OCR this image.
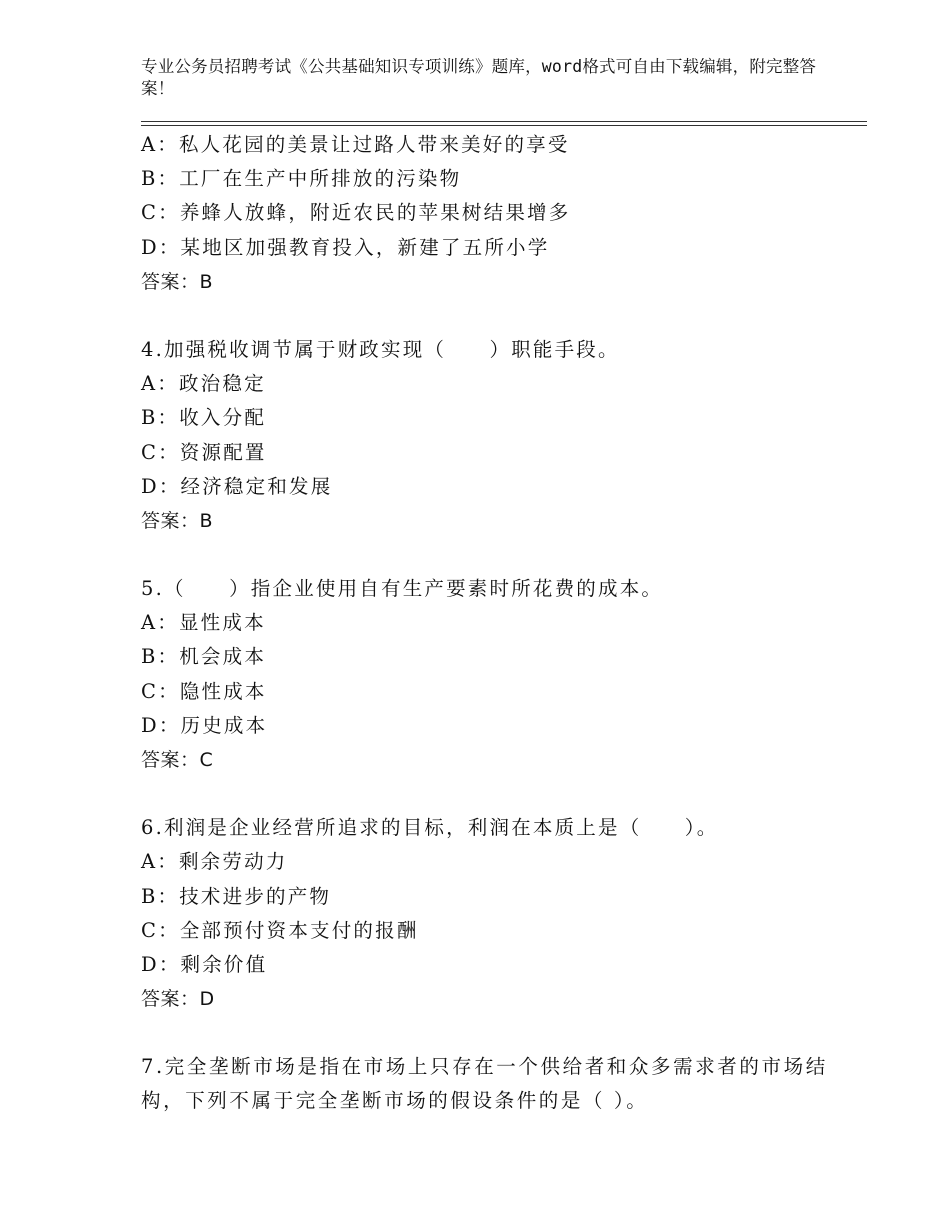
专业公务员招聘考试《公共基础知识专项训练》题库，word格式可自由下载编辑，附完整答案！
A：私人花园的美景让过路人带来美好的享受
B：工厂在生产中所排放的污染物
C：养蜂人放蜂，附近农民的苹果树结果增多
D：某地区加强教育投入，新建了五所小学
答案：B
4.加强税收调节属于财政实现（　　）职能手段。
A：政治稳定
B：收入分配
C：资源配置
D：经济稳定和发展
答案：B
5.（　　）指企业使用自有生产要素时所花费的成本。
A：显性成本
B：机会成本
C：隐性成本
D：历史成本
答案：C
6.利润是企业经营所追求的目标，利润在本质上是（　　）。
A：剩余劳动力
B：技术进步的产物
C：全部预付资本支付的报酬
D：剩余价值
答案：D
7.完全垄断市场是指在市场上只存在一个供给者和众多需求者的市场结构，下列不属于完全垄断市场的假设条件的是（ ）。
